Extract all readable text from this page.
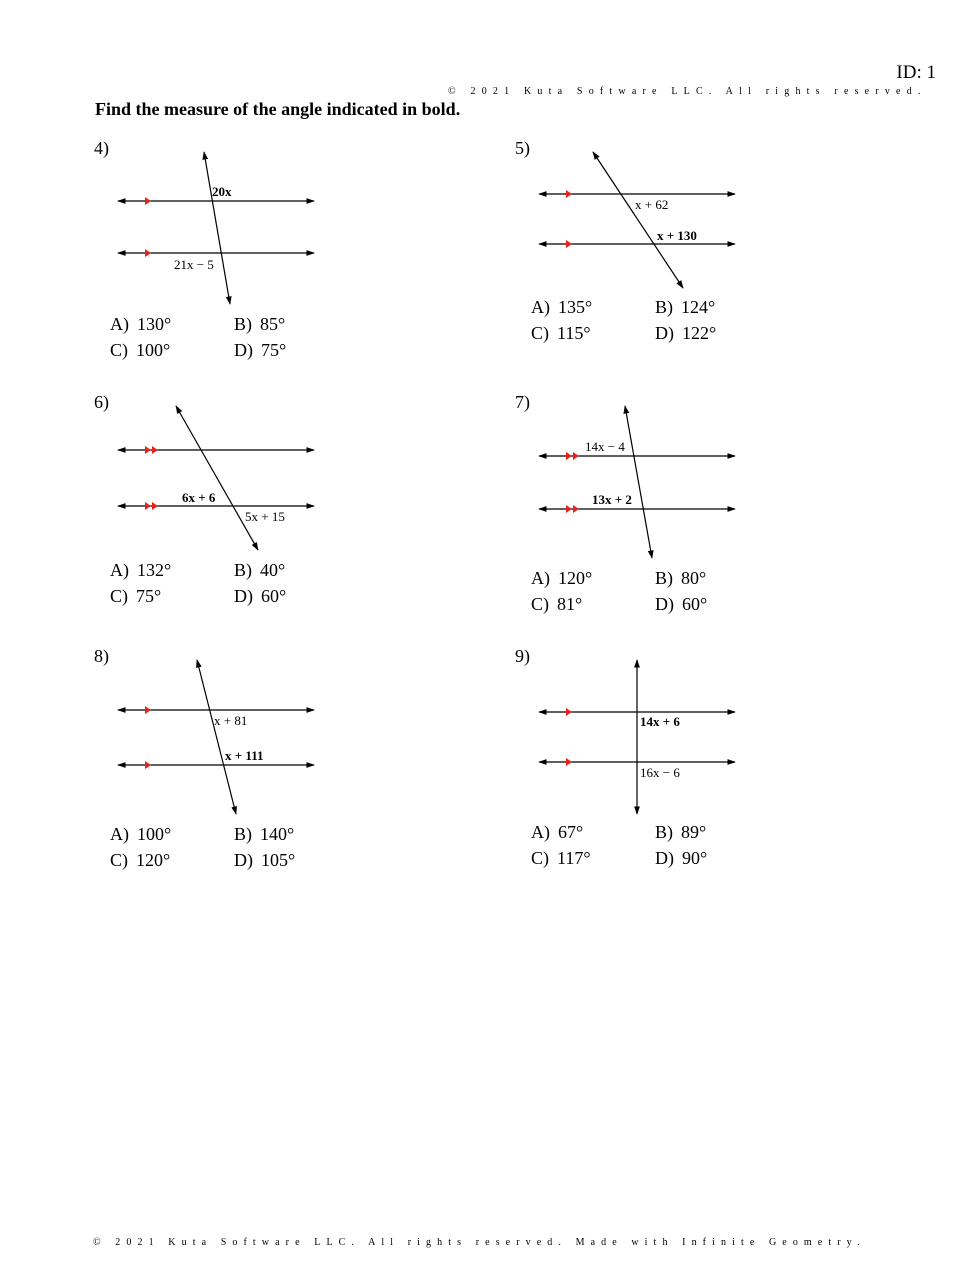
ID: 1
© 2021 Kuta Software LLC. All rights reserved.
Find the measure of the angle indicated in bold.
4)
20x
21x − 5
A) 130°	B) 85°
C) 100°	D) 75°
5)
x + 62
x + 130
A) 135°	B) 124°
C) 115°	D) 122°
6)
6x + 6
5x + 15
A) 132°	B) 40°
C) 75°	D) 60°
7)
14x − 4
13x + 2
A) 120°	B) 80°
C) 81°	D) 60°
8)
x + 81
x + 111
A) 100°	B) 140°
C) 120°	D) 105°
9)
14x + 6
16x − 6
A) 67°	B) 89°
C) 117°	D) 90°
© 2021 Kuta Software LLC. All rights reserved. Made with Infinite Geometry.
